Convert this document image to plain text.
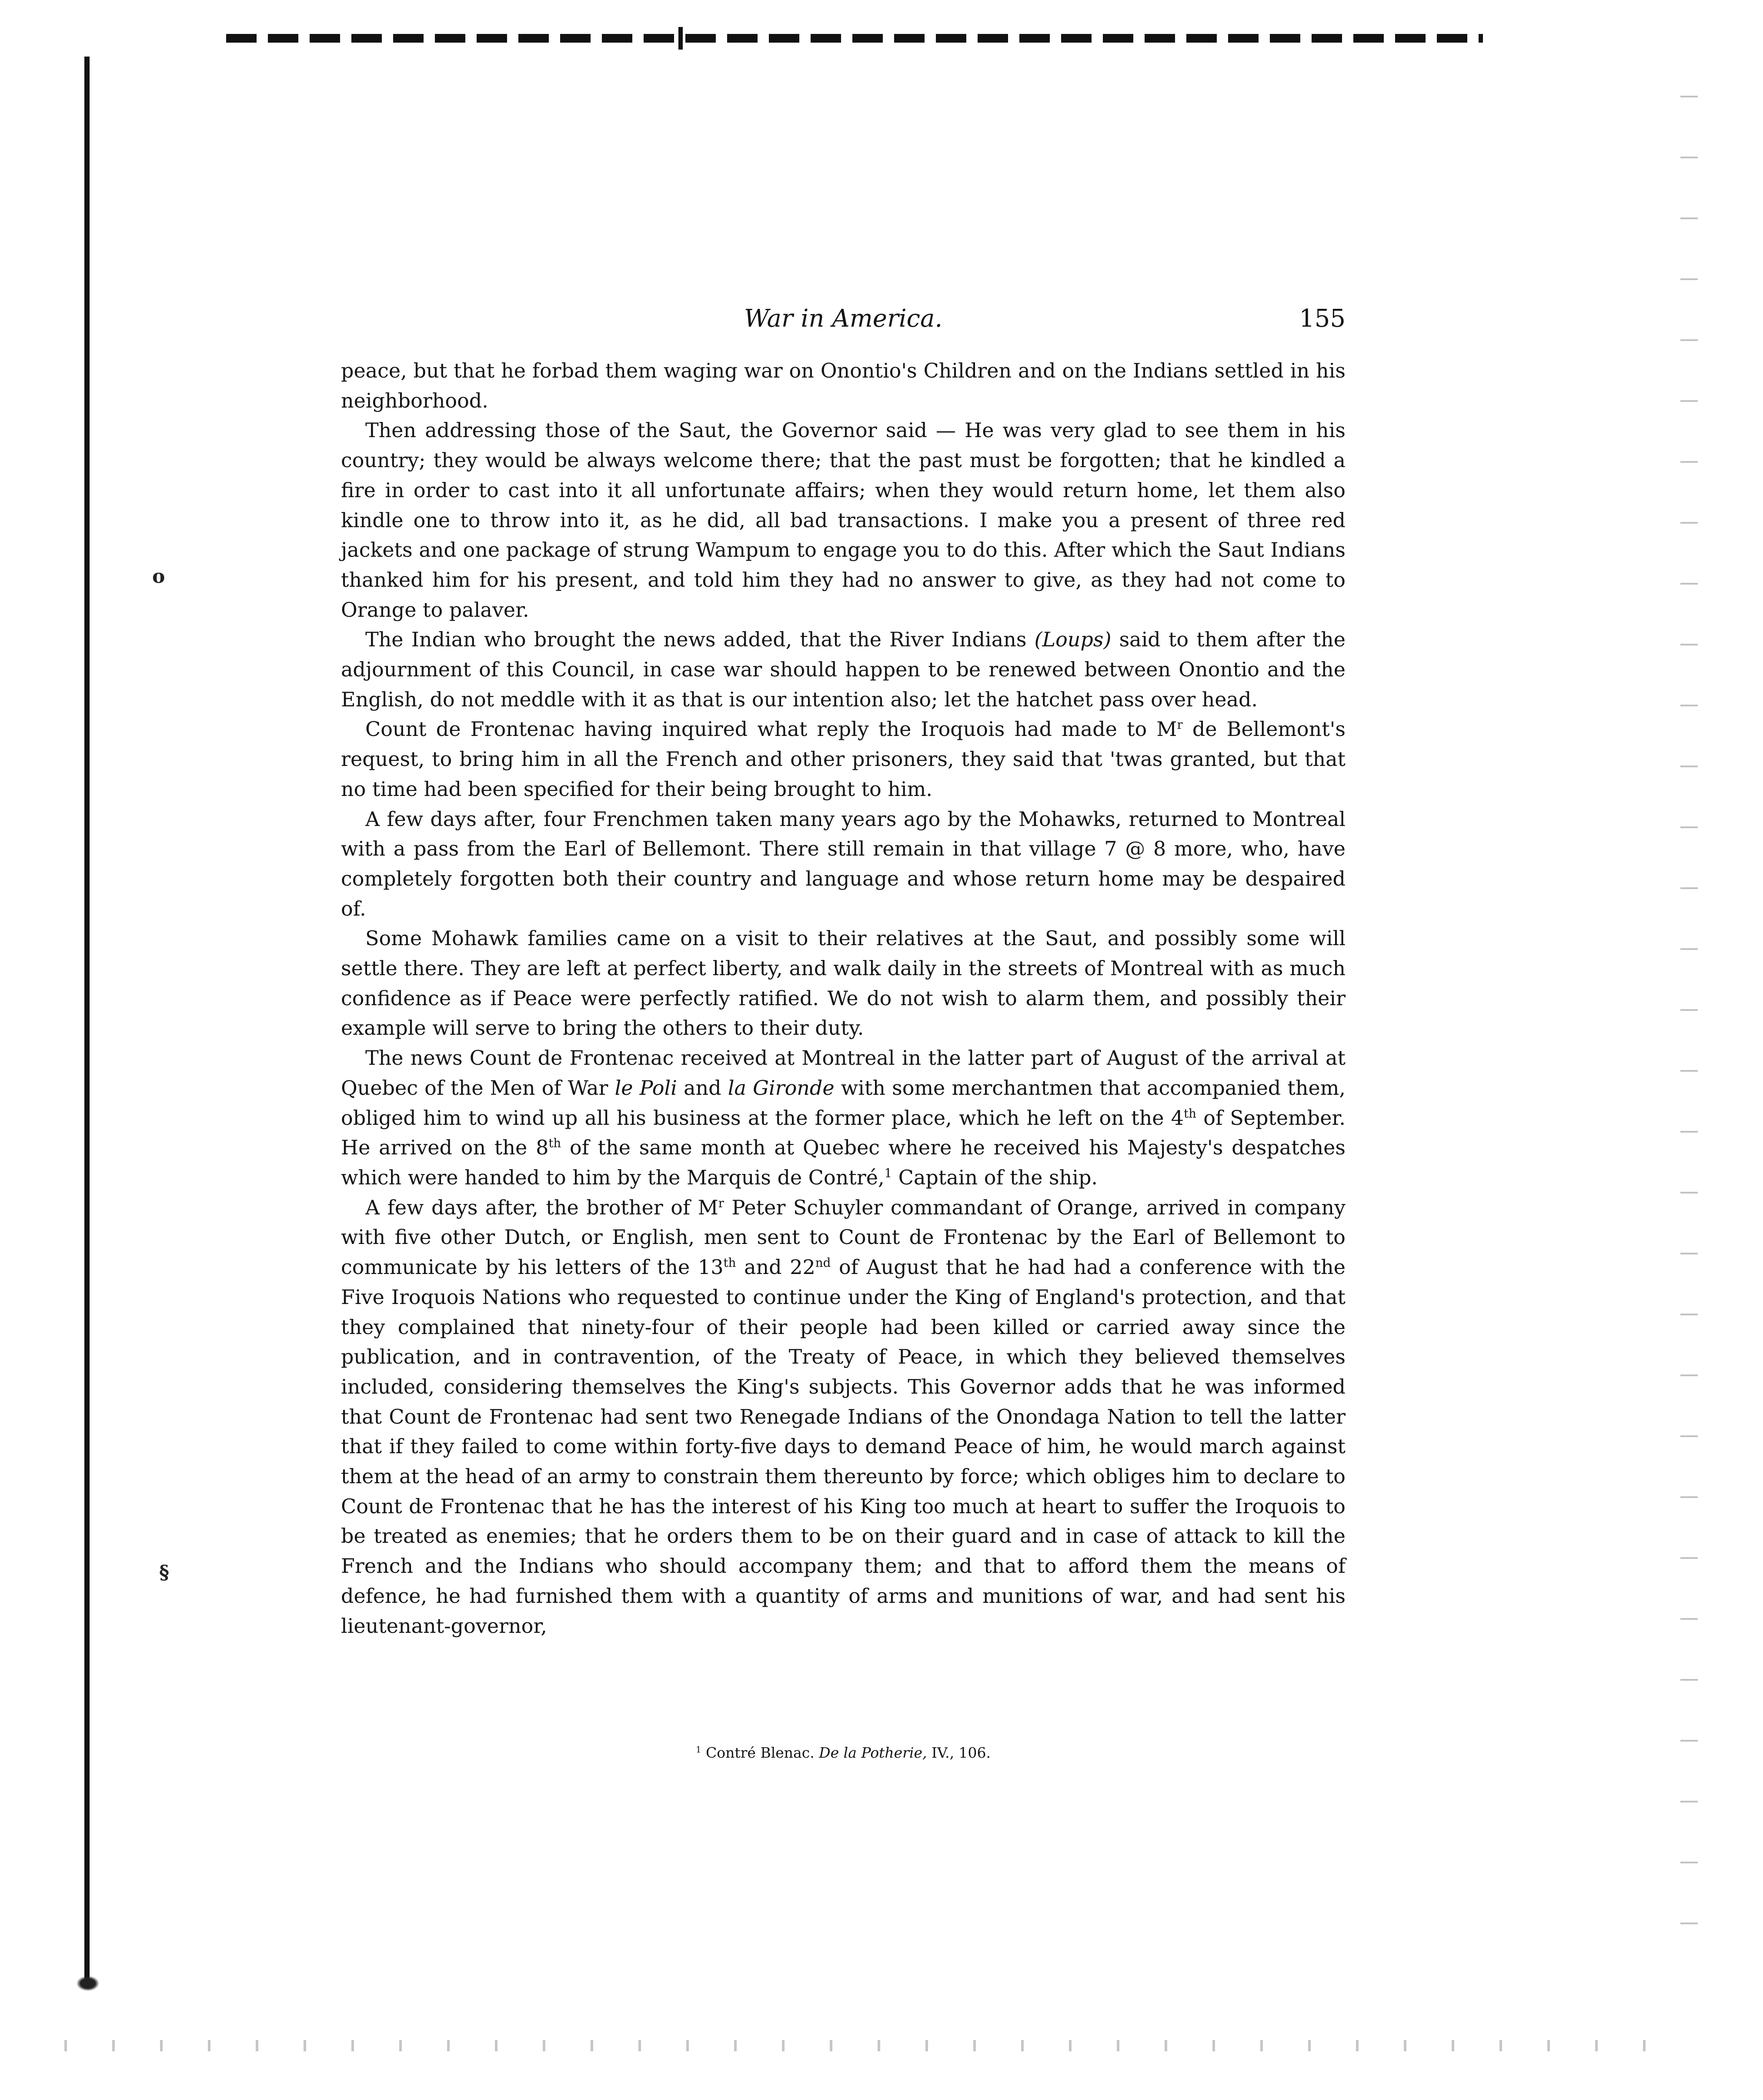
o
§
War in America.	155

peace, but that he forbad them waging war on Onontio's Children and on the Indians settled in his neighborhood.

Then addressing those of the Saut, the Governor said — He was very glad to see them in his country; they would be always welcome there; that the past must be forgotten; that he kindled a fire in order to cast into it all unfortunate affairs; when they would return home, let them also kindle one to throw into it, as he did, all bad transactions. I make you a present of three red jackets and one package of strung Wampum to engage you to do this. After which the Saut Indians thanked him for his present, and told him they had no answer to give, as they had not come to Orange to palaver.

The Indian who brought the news added, that the River Indians (Loups) said to them after the adjournment of this Council, in case war should happen to be renewed between Onontio and the English, do not meddle with it as that is our intention also; let the hatchet pass over head.

Count de Frontenac having inquired what reply the Iroquois had made to $M^r$ de Bellemont's request, to bring him in all the French and other prisoners, they said that 'twas granted, but that no time had been specified for their being brought to him.

A few days after, four Frenchmen taken many years ago by the Mohawks, returned to Montreal with a pass from the Earl of Bellemont. There still remain in that village 7 @ 8 more, who, have completely forgotten both their country and language and whose return home may be despaired of.

Some Mohawk families came on a visit to their relatives at the Saut, and possibly some will settle there. They are left at perfect liberty, and walk daily in the streets of Montreal with as much confidence as if Peace were perfectly ratified. We do not wish to alarm them, and possibly their example will serve to bring the others to their duty.

The news Count de Frontenac received at Montreal in the latter part of August of the arrival at Quebec of the Men of War le Poli and la Gironde with some merchantmen that accompanied them, obliged him to wind up all his business at the former place, which he left on the 4th of September. He arrived on the 8th of the same month at Quebec where he received his Majesty's despatches which were handed to him by the Marquis de Contré,$^1$ Captain of the ship.

A few days after, the brother of $M^r$ Peter Schuyler commandant of Orange, arrived in company with five other Dutch, or English, men sent to Count de Frontenac by the Earl of Bellemont to communicate by his letters of the 13th and 22nd of August that he had had a conference with the Five Iroquois Nations who requested to continue under the King of England's protection, and that they complained that ninety-four of their people had been killed or carried away since the publication, and in contravention, of the Treaty of Peace, in which they believed themselves included, considering themselves the King's subjects. This Governor adds that he was informed that Count de Frontenac had sent two Renegade Indians of the Onondaga Nation to tell the latter that if they failed to come within forty-five days to demand Peace of him, he would march against them at the head of an army to constrain them thereunto by force; which obliges him to declare to Count de Frontenac that he has the interest of his King too much at heart to suffer the Iroquois to be treated as enemies; that he orders them to be on their guard and in case of attack to kill the French and the Indians who should accompany them; and that to afford them the means of defence, he had furnished them with a quantity of arms and munitions of war, and had sent his lieutenant-governor,

$^1$ Contré Blenac. De la Potherie, IV., 106.
